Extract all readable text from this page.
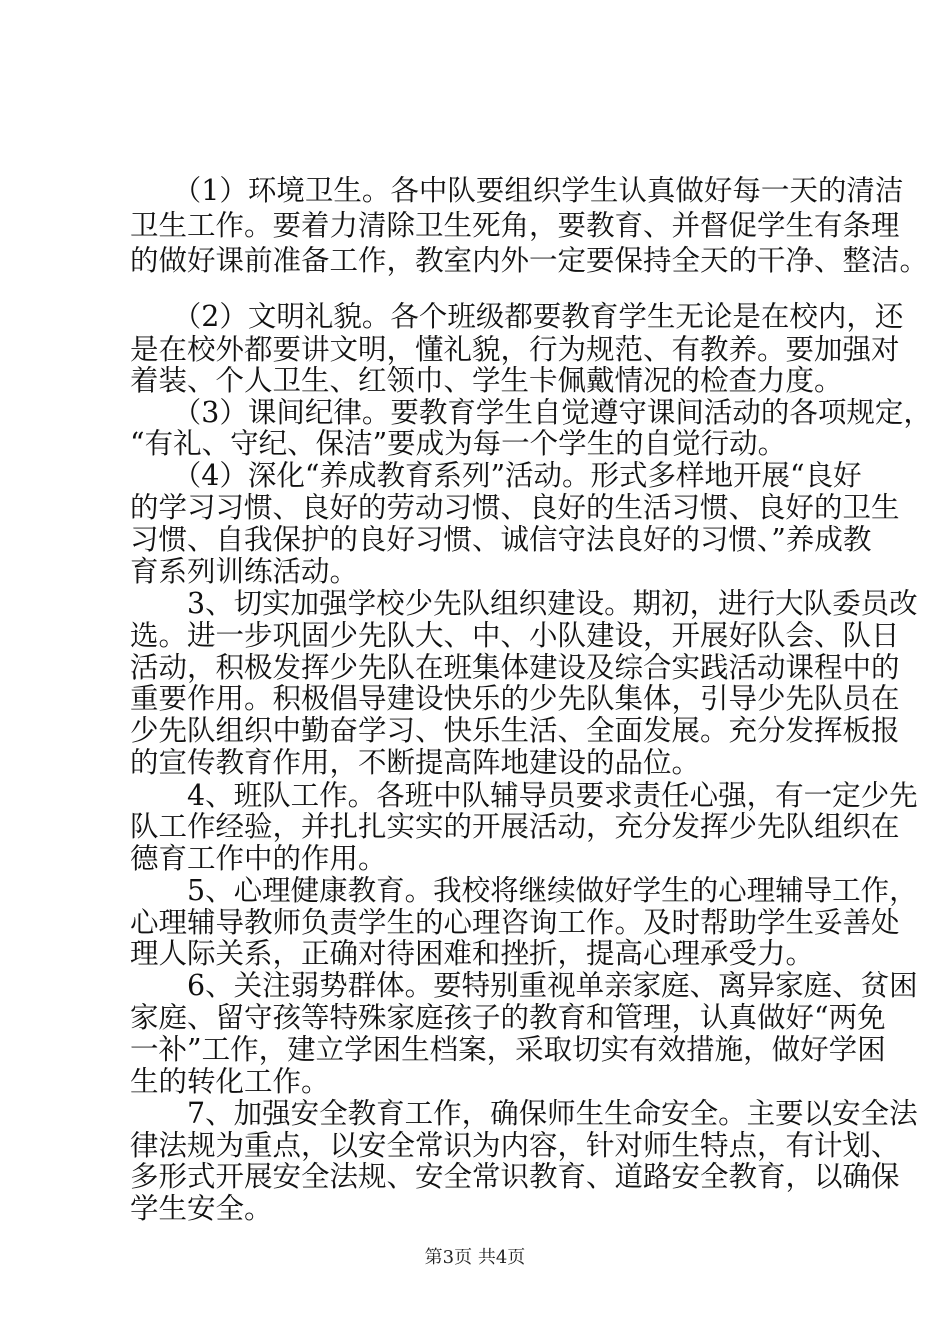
　　（1）环境卫生。各中队要组织学生认真做好每一天的清洁
卫生工作。要着力清除卫生死角，要教育、并督促学生有条理
的做好课前准备工作，教室内外一定要保持全天的干净、整洁。
　　（2）文明礼貌。各个班级都要教育学生无论是在校内，还
是在校外都要讲文明，懂礼貌，行为规范、有教养。要加强对
着装、个人卫生、红领巾、学生卡佩戴情况的检查力度。
　　（3）课间纪律。要教育学生自觉遵守课间活动的各项规定，
“有礼、守纪、保洁”要成为每一个学生的自觉行动。
　　（4）深化“养成教育系列”活动。形式多样地开展“良好
的学习习惯、良好的劳动习惯、良好的生活习惯、良好的卫生
习惯、自我保护的良好习惯、诚信守法良好的习惯、”养成教
育系列训练活动。
　　3、切实加强学校少先队组织建设。期初，进行大队委员改
选。进一步巩固少先队大、中、小队建设，开展好队会、队日
活动，积极发挥少先队在班集体建设及综合实践活动课程中的
重要作用。积极倡导建设快乐的少先队集体，引导少先队员在
少先队组织中勤奋学习、快乐生活、全面发展。充分发挥板报
的宣传教育作用，不断提高阵地建设的品位。
　　4、班队工作。各班中队辅导员要求责任心强，有一定少先
队工作经验，并扎扎实实的开展活动，充分发挥少先队组织在
德育工作中的作用。
　　5、心理健康教育。我校将继续做好学生的心理辅导工作，
心理辅导教师负责学生的心理咨询工作。及时帮助学生妥善处
理人际关系，正确对待困难和挫折，提高心理承受力。
　　6、关注弱势群体。要特别重视单亲家庭、离异家庭、贫困
家庭、留守孩等特殊家庭孩子的教育和管理，认真做好“两免
一补”工作，建立学困生档案，采取切实有效措施，做好学困
生的转化工作。
　　7、加强安全教育工作，确保师生生命安全。主要以安全法
律法规为重点，以安全常识为内容，针对师生特点，有计划、
多形式开展安全法规、安全常识教育、道路安全教育，以确保
学生安全。
第3页 共4页
